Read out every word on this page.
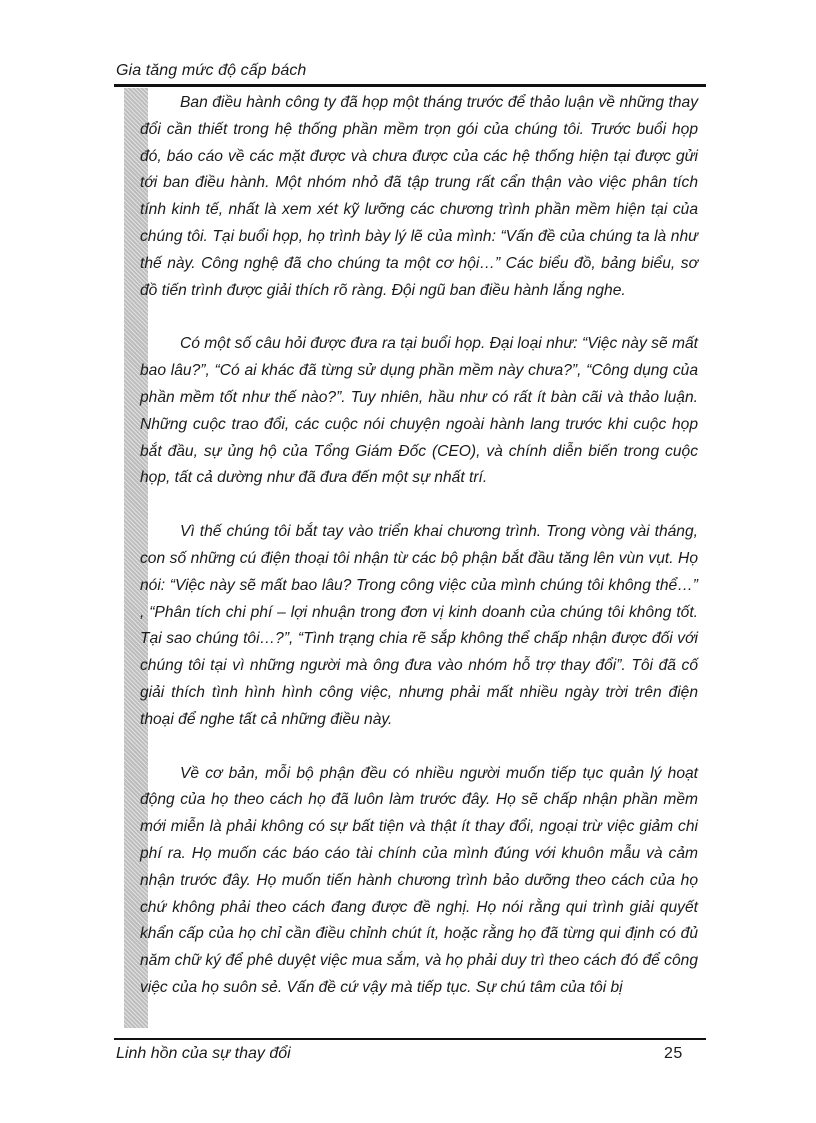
Gia tăng mức độ cấp bách

Ban điều hành công ty đã họp một tháng trước để thảo luận về những thay đổi cần thiết trong hệ thống phần mềm trọn gói của chúng tôi. Trước buổi họp đó, báo cáo về các mặt được và chưa được của các hệ thống hiện tại được gửi tới ban điều hành. Một nhóm nhỏ đã tập trung rất cẩn thận vào việc phân tích tính kinh tế, nhất là xem xét kỹ lưỡng các chương trình phần mềm hiện tại của chúng tôi. Tại buổi họp, họ trình bày lý lẽ của mình: “Vấn đề của chúng ta là như thế này. Công nghệ đã cho chúng ta một cơ hội…” Các biểu đồ, bảng biểu, sơ đồ tiến trình được giải thích rõ ràng. Đội ngũ ban điều hành lắng nghe.

Có một số câu hỏi được đưa ra tại buổi họp. Đại loại như: “Việc này sẽ mất bao lâu?”, “Có ai khác đã từng sử dụng phần mềm này chưa?”, “Công dụng của phần mềm tốt như thế nào?”. Tuy nhiên, hầu như có rất ít bàn cãi và thảo luận. Những cuộc trao đổi, các cuộc nói chuyện ngoài hành lang trước khi cuộc họp bắt đầu, sự ủng hộ của Tổng Giám Đốc (CEO), và chính diễn biến trong cuộc họp, tất cả dường như đã đưa đến một sự nhất trí.

Vì thế chúng tôi bắt tay vào triển khai chương trình. Trong vòng vài tháng, con số những cú điện thoại tôi nhận từ các bộ phận bắt đầu tăng lên vùn vụt. Họ nói: “Việc này sẽ mất bao lâu? Trong công việc của mình chúng tôi không thể…” , “Phân tích chi phí – lợi nhuận trong đơn vị kinh doanh của chúng tôi không tốt. Tại sao chúng tôi…?”, “Tình trạng chia rẽ sắp không thể chấp nhận được đối với chúng tôi tại vì những người mà ông đưa vào nhóm hỗ trợ thay đổi”. Tôi đã cố giải thích tình hình hình công việc, nhưng phải mất nhiều ngày trời trên điện thoại để nghe tất cả những điều này.

Về cơ bản, mỗi bộ phận đều có nhiều người muốn tiếp tục quản lý hoạt động của họ theo cách họ đã luôn làm trước đây. Họ sẽ chấp nhận phần mềm mới miễn là phải không có sự bất tiện và thật ít thay đổi, ngoại trừ việc giảm chi phí ra. Họ muốn các báo cáo tài chính của mình đúng với khuôn mẫu và cảm nhận trước đây. Họ muốn tiến hành chương trình bảo dưỡng theo cách của họ chứ không phải theo cách đang được đề nghị. Họ nói rằng qui trình giải quyết khẩn cấp của họ chỉ cần điều chỉnh chút ít, hoặc rằng họ đã từng qui định có đủ năm chữ ký để phê duyệt việc mua sắm, và họ phải duy trì theo cách đó để công việc của họ suôn sẻ. Vấn đề cứ vậy mà tiếp tục. Sự chú tâm của tôi bị

Linh hồn của sự thay đổi	25
